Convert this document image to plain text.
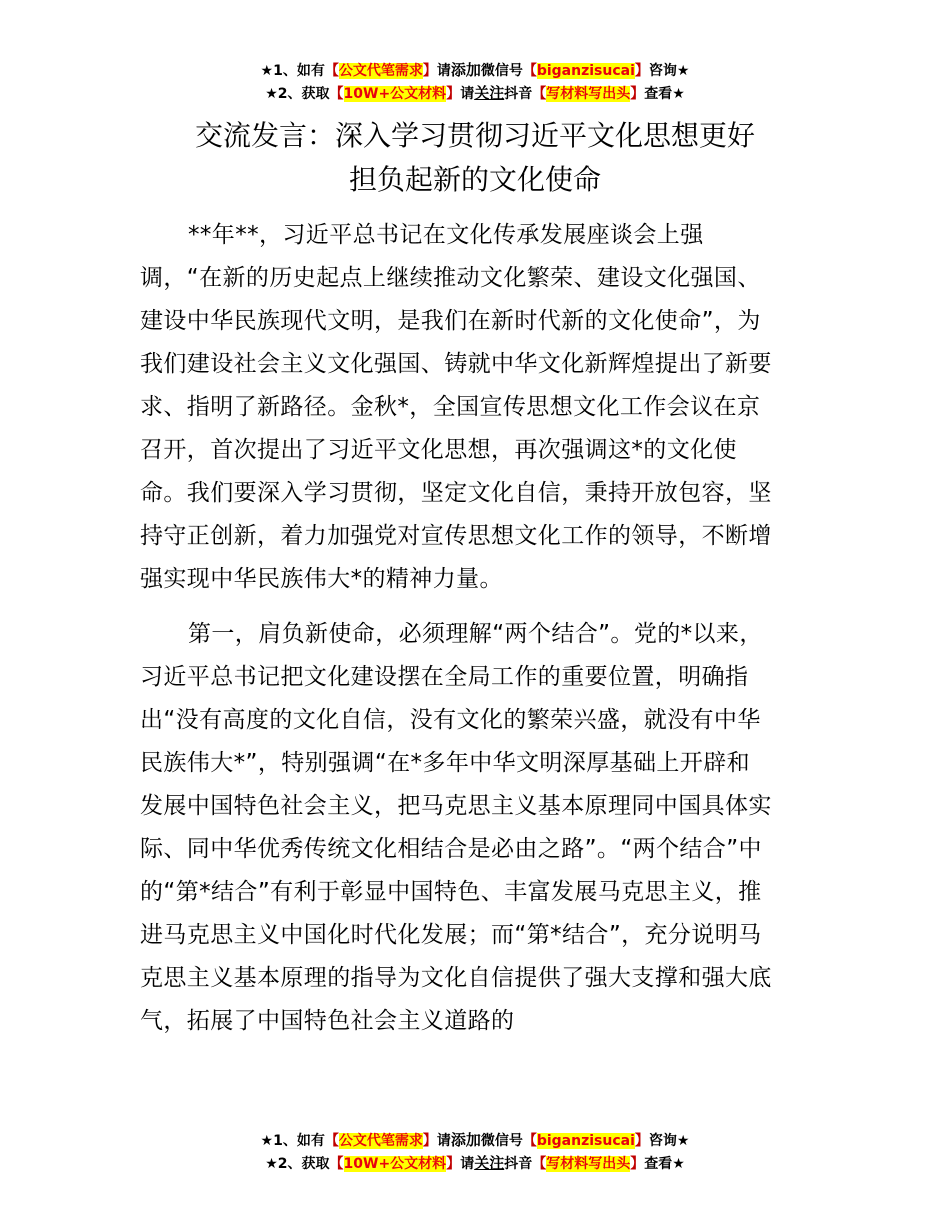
★1、如有【公文代笔需求】请添加微信号【biganzisucai】咨询★
★2、获取【10W+公文材料】请关注抖音【写材料写出头】查看★
交流发言：深入学习贯彻习近平文化思想更好
担负起新的文化使命
**年**，习近平总书记在文化传承发展座谈会上强
调，“在新的历史起点上继续推动文化繁荣、建设文化强国、
建设中华民族现代文明，是我们在新时代新的文化使命”，为
我们建设社会主义文化强国、铸就中华文化新辉煌提出了新要
求、指明了新路径。金秋*，全国宣传思想文化工作会议在京
召开，首次提出了习近平文化思想，再次强调这*的文化使
命。我们要深入学习贯彻，坚定文化自信，秉持开放包容，坚
持守正创新，着力加强党对宣传思想文化工作的领导，不断增
强实现中华民族伟大*的精神力量。
第一，肩负新使命，必须理解“两个结合”。党的*以来，
习近平总书记把文化建设摆在全局工作的重要位置，明确指
出“没有高度的文化自信，没有文化的繁荣兴盛，就没有中华
民族伟大*”，特别强调“在*多年中华文明深厚基础上开辟和
发展中国特色社会主义，把马克思主义基本原理同中国具体实
际、同中华优秀传统文化相结合是必由之路”。“两个结合”中
的“第*结合”有利于彰显中国特色、丰富发展马克思主义，推
进马克思主义中国化时代化发展；而“第*结合”，充分说明马
克思主义基本原理的指导为文化自信提供了强大支撑和强大底
气，拓展了中国特色社会主义道路的
★1、如有【公文代笔需求】请添加微信号【biganzisucai】咨询★
★2、获取【10W+公文材料】请关注抖音【写材料写出头】查看★
